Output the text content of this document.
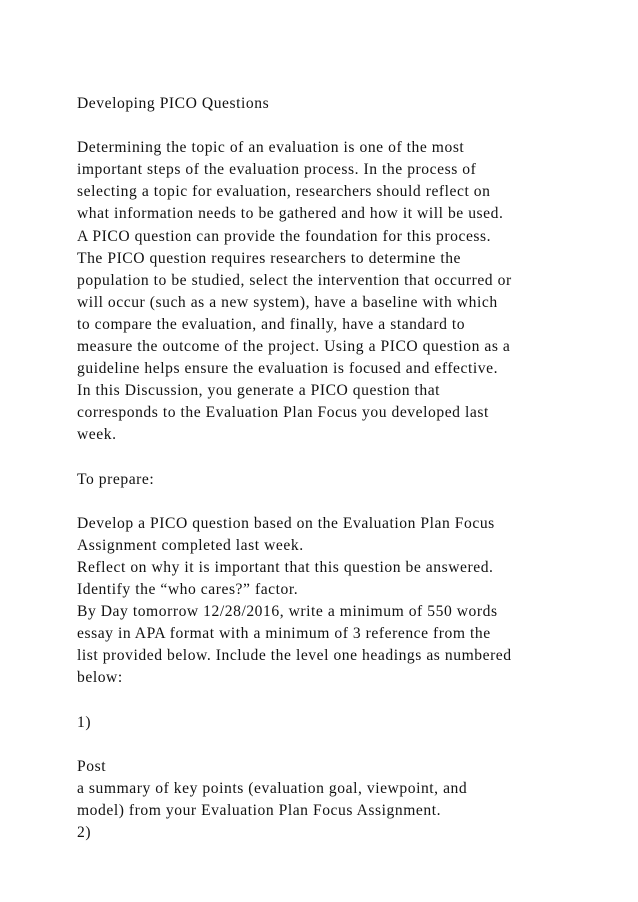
Developing PICO Questions
Determining the topic of an evaluation is one of the most
important steps of the evaluation process. In the process of
selecting a topic for evaluation, researchers should reflect on
what information needs to be gathered and how it will be used.
A PICO question can provide the foundation for this process.
The PICO question requires researchers to determine the
population to be studied, select the intervention that occurred or
will occur (such as a new system), have a baseline with which
to compare the evaluation, and finally, have a standard to
measure the outcome of the project. Using a PICO question as a
guideline helps ensure the evaluation is focused and effective.
In this Discussion, you generate a PICO question that
corresponds to the Evaluation Plan Focus you developed last
week.
To prepare:
Develop a PICO question based on the Evaluation Plan Focus
Assignment completed last week.
Reflect on why it is important that this question be answered.
Identify the “who cares?” factor.
By Day tomorrow 12/28/2016, write a minimum of 550 words
essay in APA format with a minimum of 3 reference from the
list provided below. Include the level one headings as numbered
below:
1)
Post
a summary of key points (evaluation goal, viewpoint, and
model) from your Evaluation Plan Focus Assignment.
2)
